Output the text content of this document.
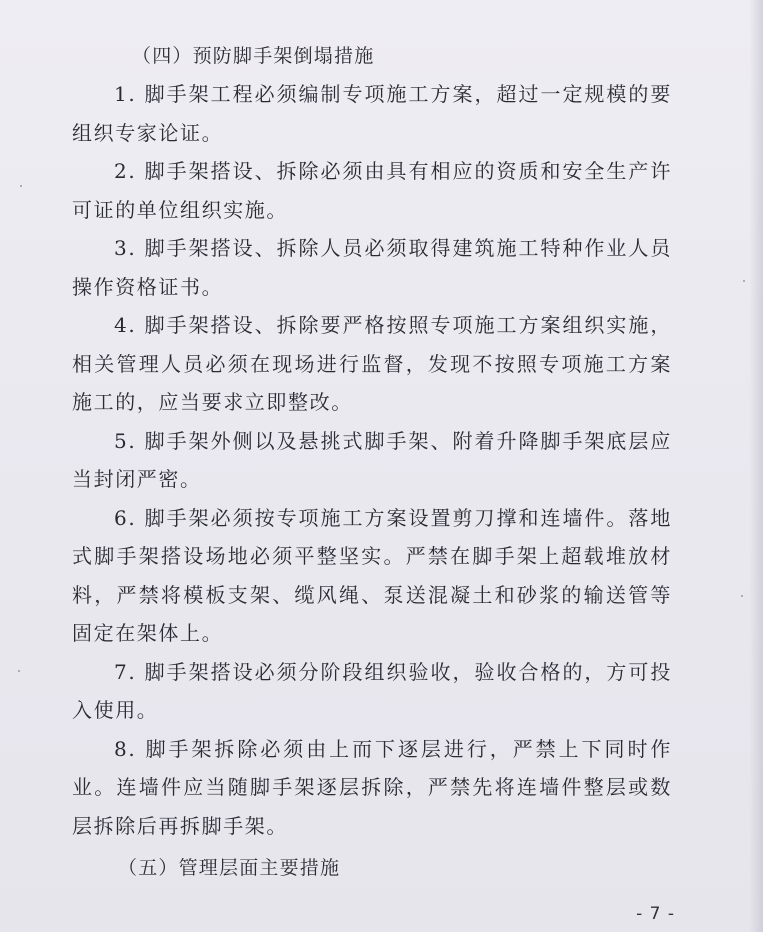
（四）预防脚手架倒塌措施

1. 脚手架工程必须编制专项施工方案，超过一定规模的要组织专家论证。

2. 脚手架搭设、拆除必须由具有相应的资质和安全生产许可证的单位组织实施。

3. 脚手架搭设、拆除人员必须取得建筑施工特种作业人员操作资格证书。

4. 脚手架搭设、拆除要严格按照专项施工方案组织实施，相关管理人员必须在现场进行监督，发现不按照专项施工方案施工的，应当要求立即整改。

5. 脚手架外侧以及悬挑式脚手架、附着升降脚手架底层应当封闭严密。

6. 脚手架必须按专项施工方案设置剪刀撑和连墙件。落地式脚手架搭设场地必须平整坚实。严禁在脚手架上超载堆放材料，严禁将模板支架、缆风绳、泵送混凝土和砂浆的输送管等固定在架体上。

7. 脚手架搭设必须分阶段组织验收，验收合格的，方可投入使用。

8. 脚手架拆除必须由上而下逐层进行，严禁上下同时作业。连墙件应当随脚手架逐层拆除，严禁先将连墙件整层或数层拆除后再拆脚手架。

（五）管理层面主要措施

- 7 -
